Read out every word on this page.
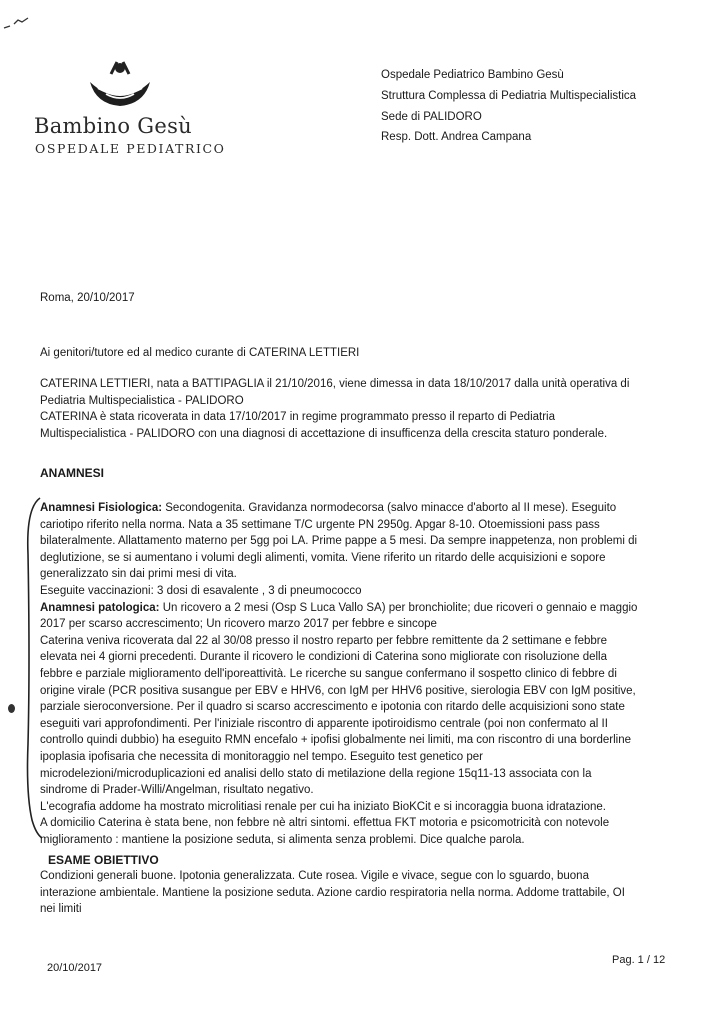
Bambino Gesù
OSPEDALE PEDIATRICO
Ospedale Pediatrico Bambino Gesù
Struttura Complessa di Pediatria Multispecialistica
Sede di PALIDORO
Resp. Dott. Andrea Campana
Roma, 20/10/2017
Ai genitori/tutore ed al medico curante di CATERINA LETTIERI
CATERINA LETTIERI, nata a BATTIPAGLIA il 21/10/2016, viene dimessa in data 18/10/2017 dalla unità operativa di
Pediatria Multispecialistica - PALIDORO
CATERINA è stata ricoverata in data 17/10/2017 in regime programmato presso il reparto di Pediatria
Multispecialistica - PALIDORO con una diagnosi di accettazione di insufficenza della crescita staturo ponderale.
ANAMNESI
Anamnesi Fisiologica: Secondogenita. Gravidanza normodecorsa (salvo minacce d'aborto al II mese). Eseguito
cariotipo riferito nella norma. Nata a 35 settimane T/C urgente PN 2950g. Apgar 8-10. Otoemissioni pass pass
bilateralmente. Allattamento materno per 5gg poi LA. Prime pappe a 5 mesi. Da sempre inappetenza, non problemi di
deglutizione, se si aumentano i volumi degli alimenti, vomita. Viene riferito un ritardo delle acquisizioni e sopore
generalizzato sin dai primi mesi di vita.
Eseguite vaccinazioni: 3 dosi di esavalente , 3 di pneumococco
Anamnesi patologica: Un ricovero a 2 mesi (Osp S Luca Vallo SA) per bronchiolite; due ricoveri o gennaio e maggio
2017 per scarso accrescimento; Un ricovero marzo 2017 per febbre e sincope
Caterina veniva ricoverata dal 22 al 30/08 presso il nostro reparto per febbre remittente da 2 settimane e febbre
elevata nei 4 giorni precedenti. Durante il ricovero le condizioni di Caterina sono migliorate con risoluzione della
febbre e parziale miglioramento dell'iporeattività. Le ricerche su sangue confermano il sospetto clinico di febbre di
origine virale (PCR positiva susangue per EBV e HHV6, con IgM per HHV6 positive, sierologia EBV con IgM positive,
parziale sieroconversione. Per il quadro si scarso accrescimento e ipotonia con ritardo delle acquisizioni sono state
eseguiti vari approfondimenti. Per l'iniziale riscontro di apparente ipotiroidismo centrale (poi non confermato al II
controllo quindi dubbio) ha eseguito RMN encefalo + ipofisi globalmente nei limiti, ma con riscontro di una borderline
ipoplasia ipofisaria che necessita di monitoraggio nel tempo. Eseguito test genetico per
microdelezioni/microduplicazioni ed analisi dello stato di metilazione della regione 15q11-13 associata con la
sindrome di Prader-Willi/Angelman, risultato negativo.
L'ecografia addome ha mostrato microlitiasi renale per cui ha iniziato BioKCit e si incoraggia buona idratazione.
A domicilio Caterina è stata bene, non febbre nè altri sintomi. effettua FKT motoria e psicomotricità con notevole
miglioramento : mantiene la posizione seduta, si alimenta senza problemi. Dice qualche parola.
ESAME OBIETTIVO
Condizioni generali buone. Ipotonia generalizzata. Cute rosea. Vigile e vivace, segue con lo sguardo, buona
interazione ambientale. Mantiene la posizione seduta. Azione cardio respiratoria nella norma. Addome trattabile, OI
nei limiti
20/10/2017
Pag. 1 / 12
